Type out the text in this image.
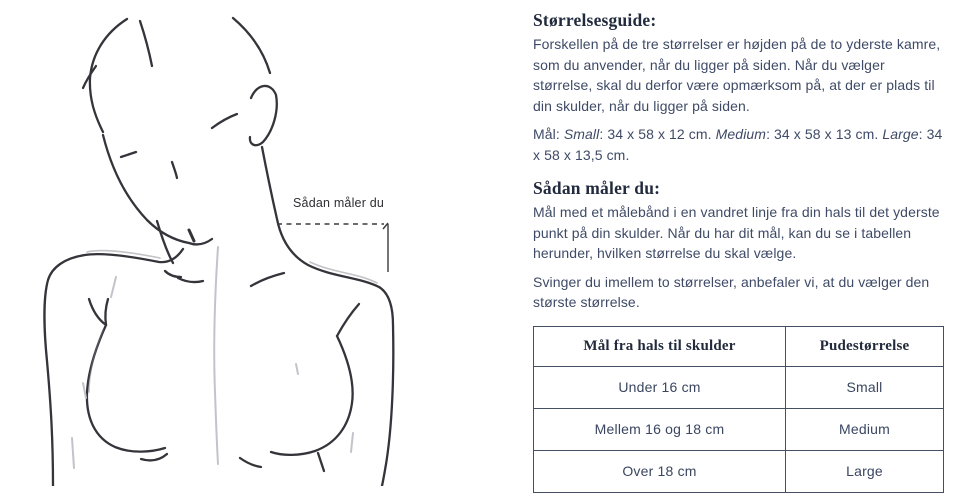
Sådan måler du
Størrelsesguide:

Forskellen på de tre størrelser er højden på de to yderste kamre, som du anvender, når du ligger på siden. Når du vælger størrelse, skal du derfor være opmærksom på, at der er plads til din skulder, når du ligger på siden.

Mål: Small: 34 x 58 x 12 cm. Medium: 34 x 58 x 13 cm. Large: 34 x 58 x 13,5 cm.

Sådan måler du:

Mål med et målebånd i en vandret linje fra din hals til det yderste punkt på din skulder. Når du har dit mål, kan du se i tabellen herunder, hvilken størrelse du skal vælge.

Svinger du imellem to størrelser, anbefaler vi, at du vælger den største størrelse.

Mål fra hals til skulder	Pudestørrelse
Under 16 cm	Small
Mellem 16 og 18 cm	Medium
Over 18 cm	Large
